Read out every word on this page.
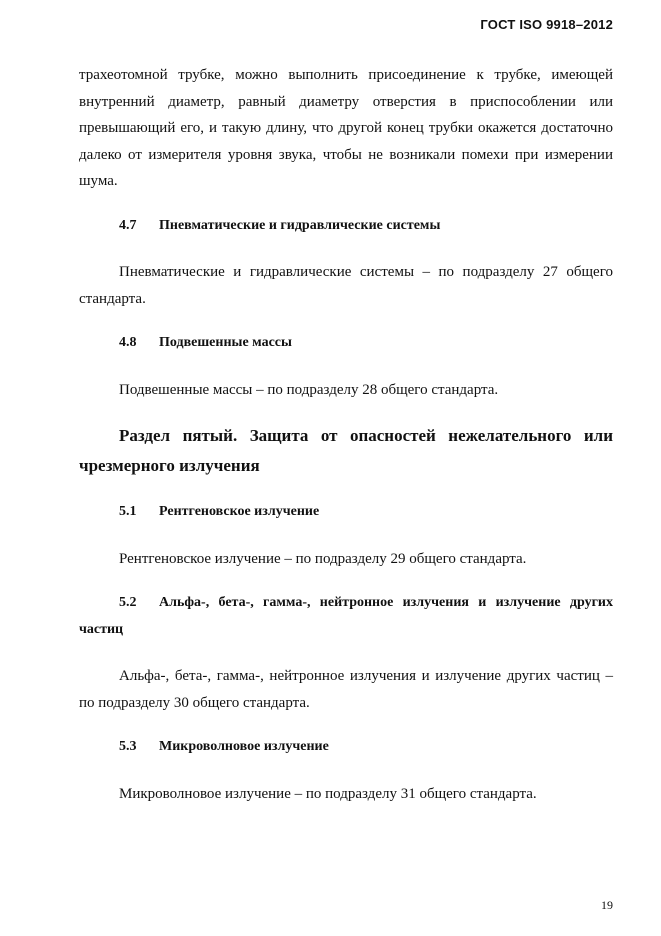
ГОСТ ISO 9918–2012

трахеотомной трубке, можно выполнить присоединение к трубке, имеющей внутренний диаметр, равный диаметру отверстия в приспособлении или превышающий его, и такую длину, что другой конец трубки окажется достаточно далеко от измерителя уровня звука, чтобы не возникали помехи при измерении шума.

4.7 Пневматические и гидравлические системы

Пневматические и гидравлические системы – по подразделу 27 общего стандарта.

4.8 Подвешенные массы

Подвешенные массы – по подразделу 28 общего стандарта.

Раздел пятый. Защита от опасностей нежелательного или чрезмерного излучения

5.1 Рентгеновское излучение

Рентгеновское излучение – по подразделу 29 общего стандарта.

5.2 Альфа-, бета-, гамма-, нейтронное излучения и излучение других частиц

Альфа-, бета-, гамма-, нейтронное излучения и излучение других частиц – по подразделу 30 общего стандарта.

5.3 Микроволновое излучение

Микроволновое излучение – по подразделу 31 общего стандарта.

19
